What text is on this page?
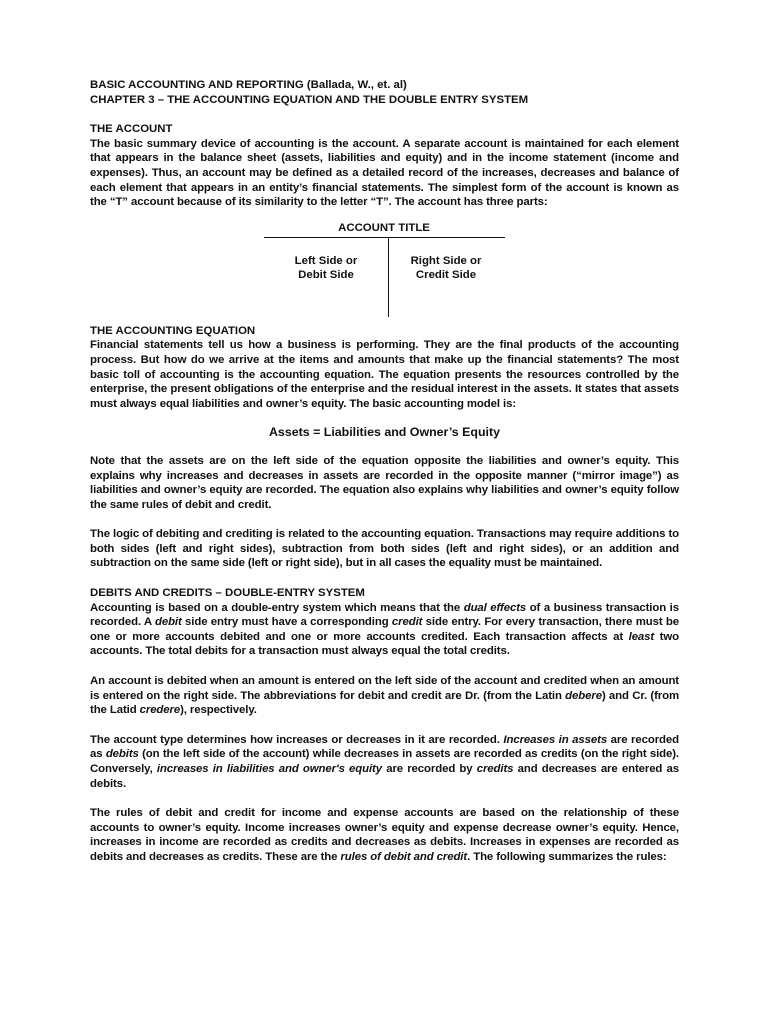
BASIC ACCOUNTING AND REPORTING (Ballada, W., et. al)
CHAPTER 3 – THE ACCOUNTING EQUATION AND THE DOUBLE ENTRY SYSTEM
THE ACCOUNT

The basic summary device of accounting is the account. A separate account is maintained for each element that appears in the balance sheet (assets, liabilities and equity) and in the income statement (income and expenses). Thus, an account may be defined as a detailed record of the increases, decreases and balance of each element that appears in an entity’s financial statements. The simplest form of the account is known as the “T” account because of its similarity to the letter “T”. The account has three parts:

ACCOUNT TITLE
Left Side or
Debit Side
Right Side or
Credit Side
THE ACCOUNTING EQUATION

Financial statements tell us how a business is performing. They are the final products of the accounting process. But how do we arrive at the items and amounts that make up the financial statements? The most basic toll of accounting is the accounting equation. The equation presents the resources controlled by the enterprise, the present obligations of the enterprise and the residual interest in the assets. It states that assets must always equal liabilities and owner’s equity. The basic accounting model is:

Assets = Liabilities and Owner’s Equity

Note that the assets are on the left side of the equation opposite the liabilities and owner’s equity. This explains why increases and decreases in assets are recorded in the opposite manner (“mirror image”) as liabilities and owner’s equity are recorded. The equation also explains why liabilities and owner’s equity follow the same rules of debit and credit.

The logic of debiting and crediting is related to the accounting equation. Transactions may require additions to both sides (left and right sides), subtraction from both sides (left and right sides), or an addition and subtraction on the same side (left or right side), but in all cases the equality must be maintained.

DEBITS AND CREDITS – DOUBLE-ENTRY SYSTEM

Accounting is based on a double-entry system which means that the dual effects of a business transaction is recorded. A debit side entry must have a corresponding credit side entry. For every transaction, there must be one or more accounts debited and one or more accounts credited. Each transaction affects at least two accounts. The total debits for a transaction must always equal the total credits.

An account is debited when an amount is entered on the left side of the account and credited when an amount is entered on the right side. The abbreviations for debit and credit are Dr. (from the Latin debere) and Cr. (from the Latid credere), respectively.

The account type determines how increases or decreases in it are recorded. Increases in assets are recorded as debits (on the left side of the account) while decreases in assets are recorded as credits (on the right side). Conversely, increases in liabilities and owner's equity are recorded by credits and decreases are entered as debits.

The rules of debit and credit for income and expense accounts are based on the relationship of these accounts to owner’s equity. Income increases owner’s equity and expense decrease owner’s equity. Hence, increases in income are recorded as credits and decreases as debits. Increases in expenses are recorded as debits and decreases as credits. These are the rules of debit and credit. The following summarizes the rules:
